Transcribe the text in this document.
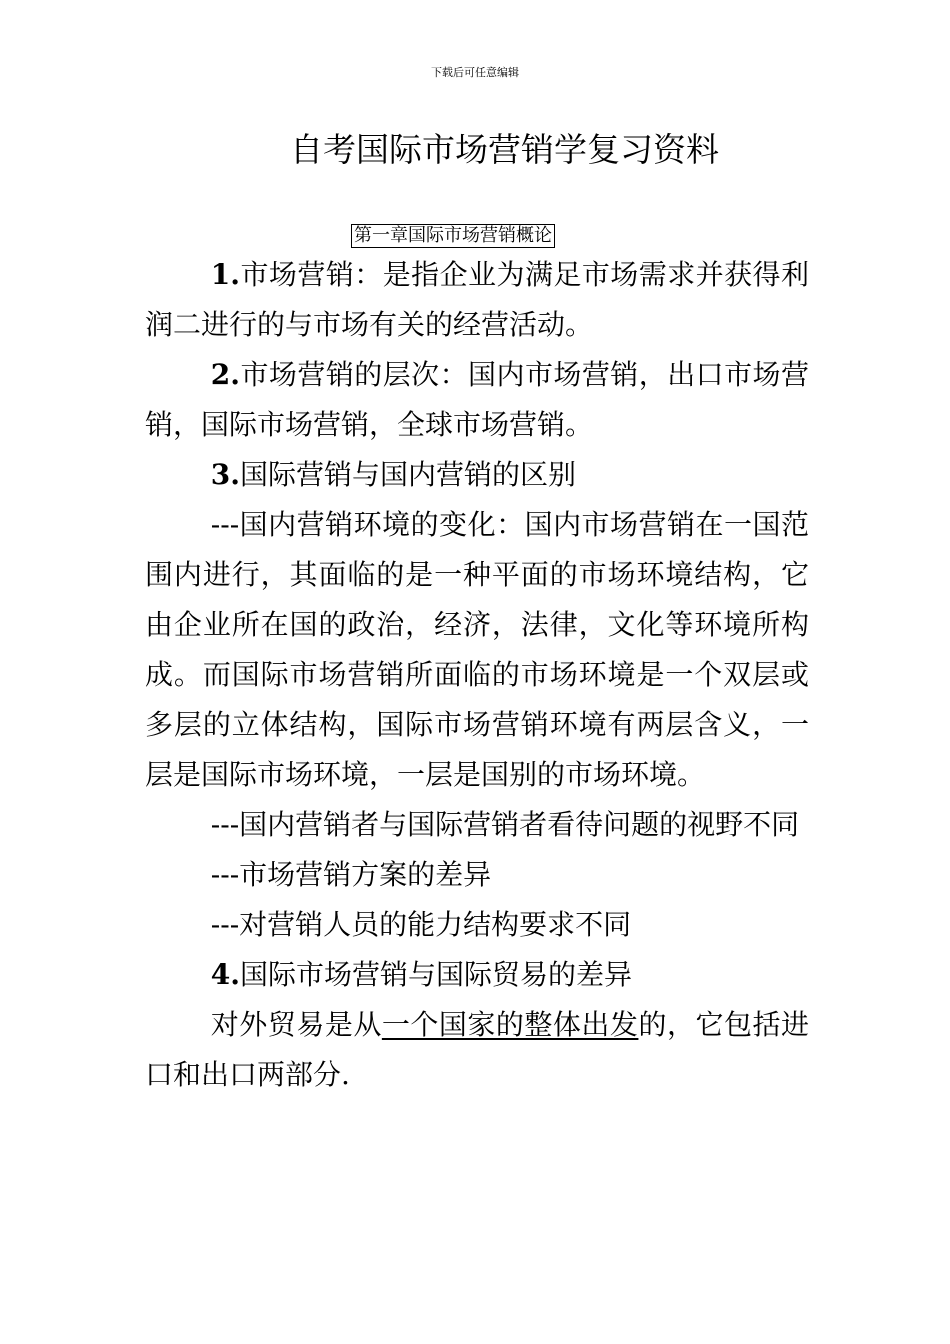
下载后可任意编辑
自考国际市场营销学复习资料
第一章国际市场营销概论

1.市场营销：是指企业为满足市场需求并获得利润二进行的与市场有关的经营活动。

2.市场营销的层次：国内市场营销，出口市场营销，国际市场营销，全球市场营销。

3.国际营销与国内营销的区别

---国内营销环境的变化：国内市场营销在一国范围内进行，其面临的是一种平面的市场环境结构，它由企业所在国的政治，经济，法律，文化等环境所构成。而国际市场营销所面临的市场环境是一个双层或多层的立体结构，国际市场营销环境有两层含义，一层是国际市场环境，一层是国别的市场环境。

---国内营销者与国际营销者看待问题的视野不同

---市场营销方案的差异

---对营销人员的能力结构要求不同

4.国际市场营销与国际贸易的差异

对外贸易是从一个国家的整体出发的，它包括进口和出口两部分.
